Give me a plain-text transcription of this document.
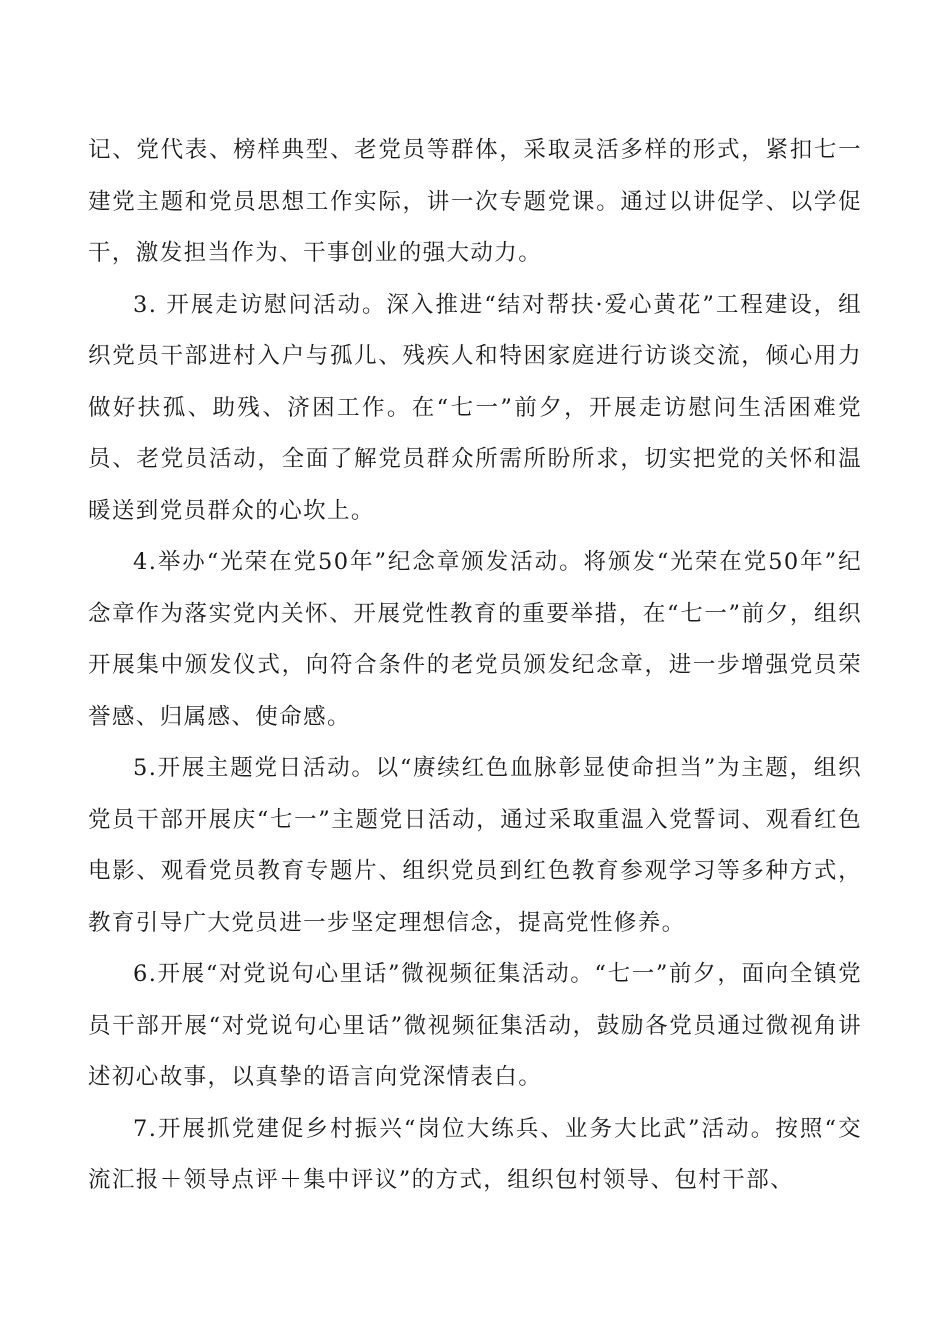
记、党代表、榜样典型、老党员等群体，采取灵活多样的形式，紧扣七一建党主题和党员思想工作实际，讲一次专题党课。通过以讲促学、以学促干，激发担当作为、干事创业的强大动力。

3. 开展走访慰问活动。深入推进“结对帮扶·爱心黄花”工程建设，组织党员干部进村入户与孤儿、残疾人和特困家庭进行访谈交流，倾心用力做好扶孤、助残、济困工作。在“七一”前夕，开展走访慰问生活困难党员、老党员活动，全面了解党员群众所需所盼所求，切实把党的关怀和温暖送到党员群众的心坎上。

4.举办“光荣在党50年”纪念章颁发活动。将颁发“光荣在党50年”纪念章作为落实党内关怀、开展党性教育的重要举措，在“七一”前夕，组织开展集中颁发仪式，向符合条件的老党员颁发纪念章，进一步增强党员荣誉感、归属感、使命感。

5.开展主题党日活动。以“赓续红色血脉彰显使命担当”为主题，组织党员干部开展庆“七一”主题党日活动，通过采取重温入党誓词、观看红色电影、观看党员教育专题片、组织党员到红色教育参观学习等多种方式，教育引导广大党员进一步坚定理想信念，提高党性修养。

6.开展“对党说句心里话”微视频征集活动。“七一”前夕，面向全镇党员干部开展“对党说句心里话”微视频征集活动，鼓励各党员通过微视角讲述初心故事，以真挚的语言向党深情表白。

7.开展抓党建促乡村振兴“岗位大练兵、业务大比武”活动。按照“交流汇报＋领导点评＋集中评议”的方式，组织包村领导、包村干部、
